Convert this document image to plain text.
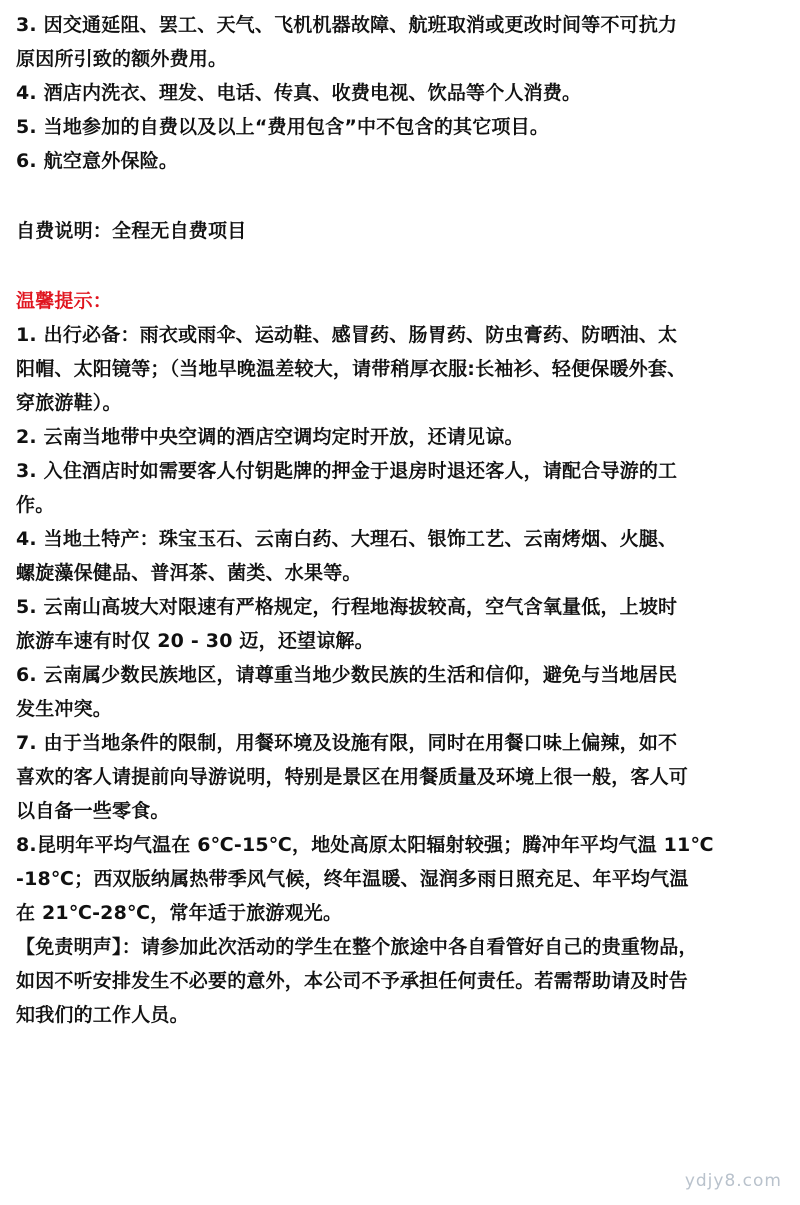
3. 因交通延阻、罢工、天气、飞机机器故障、航班取消或更改时间等不可抗力
原因所引致的额外费用。
4. 酒店内洗衣、理发、电话、传真、收费电视、饮品等个人消费。
5. 当地参加的自费以及以上“费用包含”中不包含的其它项目。
6. 航空意外保险。
自费说明：全程无自费项目
温馨提示：
1. 出行必备：雨衣或雨伞、运动鞋、感冒药、肠胃药、防虫膏药、防晒油、太
阳帽、太阳镜等；（当地早晚温差较大，请带稍厚衣服:长袖衫、轻便保暖外套、
穿旅游鞋）。
2. 云南当地带中央空调的酒店空调均定时开放，还请见谅。
3. 入住酒店时如需要客人付钥匙牌的押金于退房时退还客人，请配合导游的工
作。
4. 当地土特产：珠宝玉石、云南白药、大理石、银饰工艺、云南烤烟、火腿、
螺旋藻保健品、普洱茶、菌类、水果等。
5. 云南山高坡大对限速有严格规定，行程地海拔较高，空气含氧量低，上坡时
旅游车速有时仅 20 - 30 迈，还望谅解。
6. 云南属少数民族地区，请尊重当地少数民族的生活和信仰，避免与当地居民
发生冲突。
7. 由于当地条件的限制，用餐环境及设施有限，同时在用餐口味上偏辣，如不
喜欢的客人请提前向导游说明，特别是景区在用餐质量及环境上很一般，客人可
以自备一些零食。
8.昆明年平均气温在 6℃-15℃，地处高原太阳辐射较强；腾冲年平均气温 11℃
-18℃；西双版纳属热带季风气候，终年温暖、湿润多雨日照充足、年平均气温
在 21℃-28℃，常年适于旅游观光。
【免责明声】：请参加此次活动的学生在整个旅途中各自看管好自己的贵重物品，
如因不听安排发生不必要的意外，本公司不予承担任何责任。若需帮助请及时告
知我们的工作人员。
ydjy8.com
